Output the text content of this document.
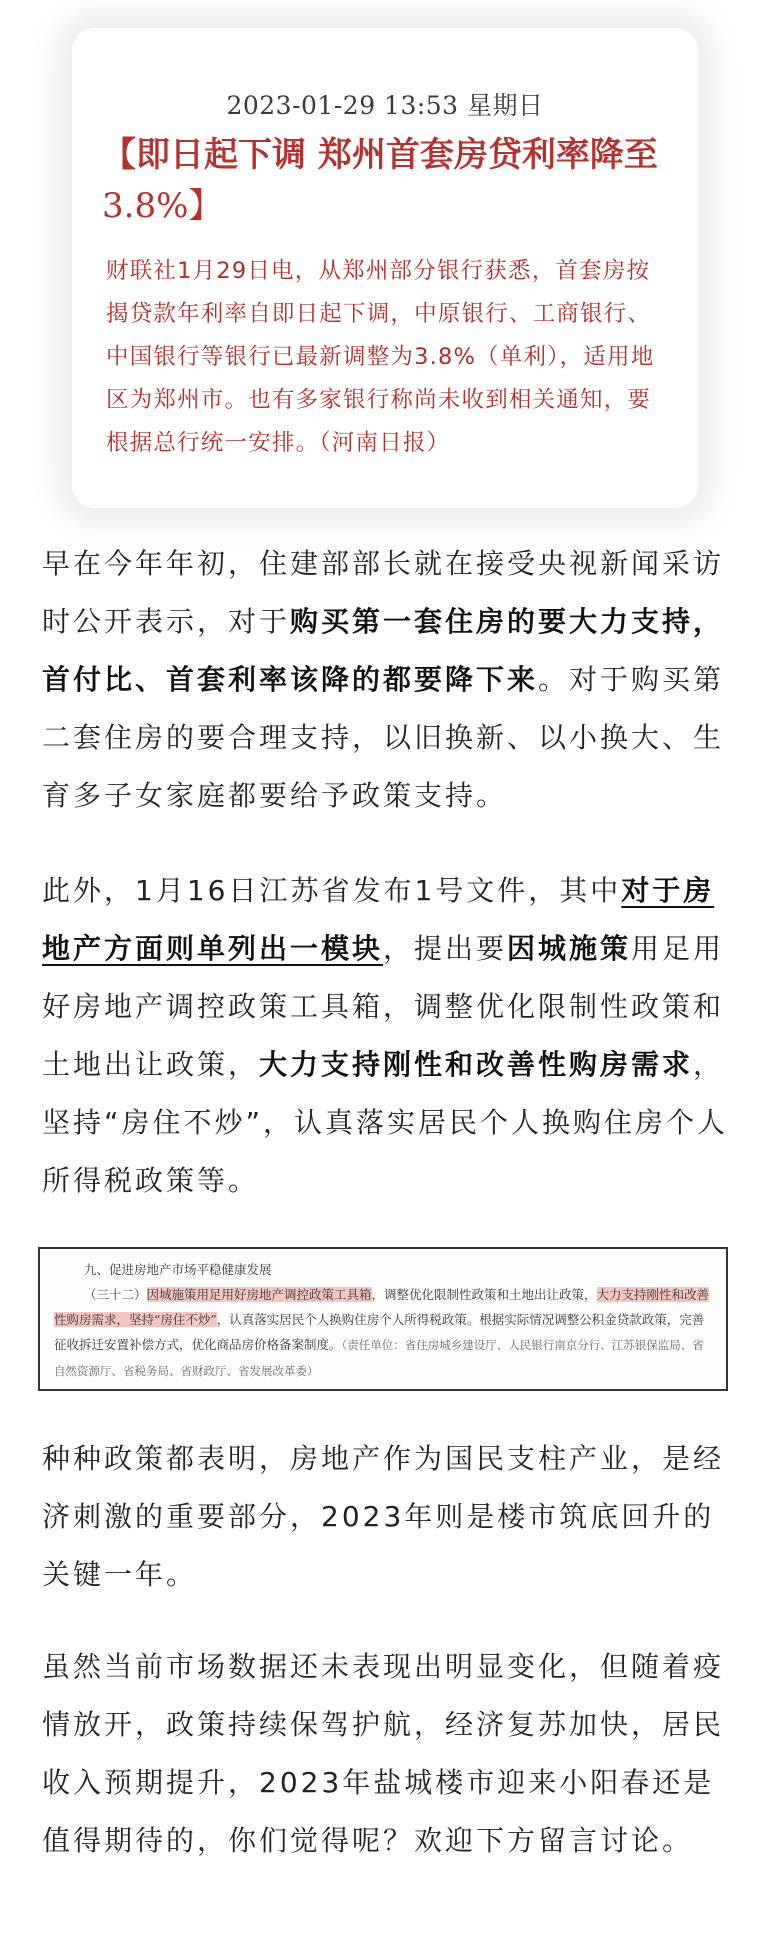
2023-01-29 13:53 星期日
【即日起下调 郑州首套房贷利率降至
3.8%】
财联社1月29日电，从郑州部分银行获悉，首套房按揭贷款年利率自即日起下调，中原银行、工商银行、中国银行等银行已最新调整为3.8%（单利），适用地区为郑州市。也有多家银行称尚未收到相关通知，要根据总行统一安排。（河南日报）
早在今年年初，住建部部长就在接受央视新闻采访时公开表示，对于购买第一套住房的要大力支持，首付比、首套利率该降的都要降下来。对于购买第二套住房的要合理支持，以旧换新、以小换大、生育多子女家庭都要给予政策支持。
此外，1月16日江苏省发布1号文件，其中对于房地产方面则单列出一模块，提出要因城施策用足用好房地产调控政策工具箱，调整优化限制性政策和土地出让政策，大力支持刚性和改善性购房需求，坚持“房住不炒”，认真落实居民个人换购住房个人所得税政策等。
九、促进房地产市场平稳健康发展
（三十二）因城施策用足用好房地产调控政策工具箱，调整优化限制性政策和土地出让政策，大力支持刚性和改善性购房需求，坚持“房住不炒”，认真落实居民个人换购住房个人所得税政策。根据实际情况调整公积金贷款政策，完善征收拆迁安置补偿方式，优化商品房价格备案制度。（责任单位：省住房城乡建设厅、人民银行南京分行、江苏银保监局、省自然资源厅、省税务局、省财政厅、省发展改革委）
种种政策都表明，房地产作为国民支柱产业，是经济刺激的重要部分，2023年则是楼市筑底回升的关键一年。
虽然当前市场数据还未表现出明显变化，但随着疫情放开，政策持续保驾护航，经济复苏加快，居民收入预期提升，2023年盐城楼市迎来小阳春还是值得期待的，你们觉得呢？欢迎下方留言讨论。
